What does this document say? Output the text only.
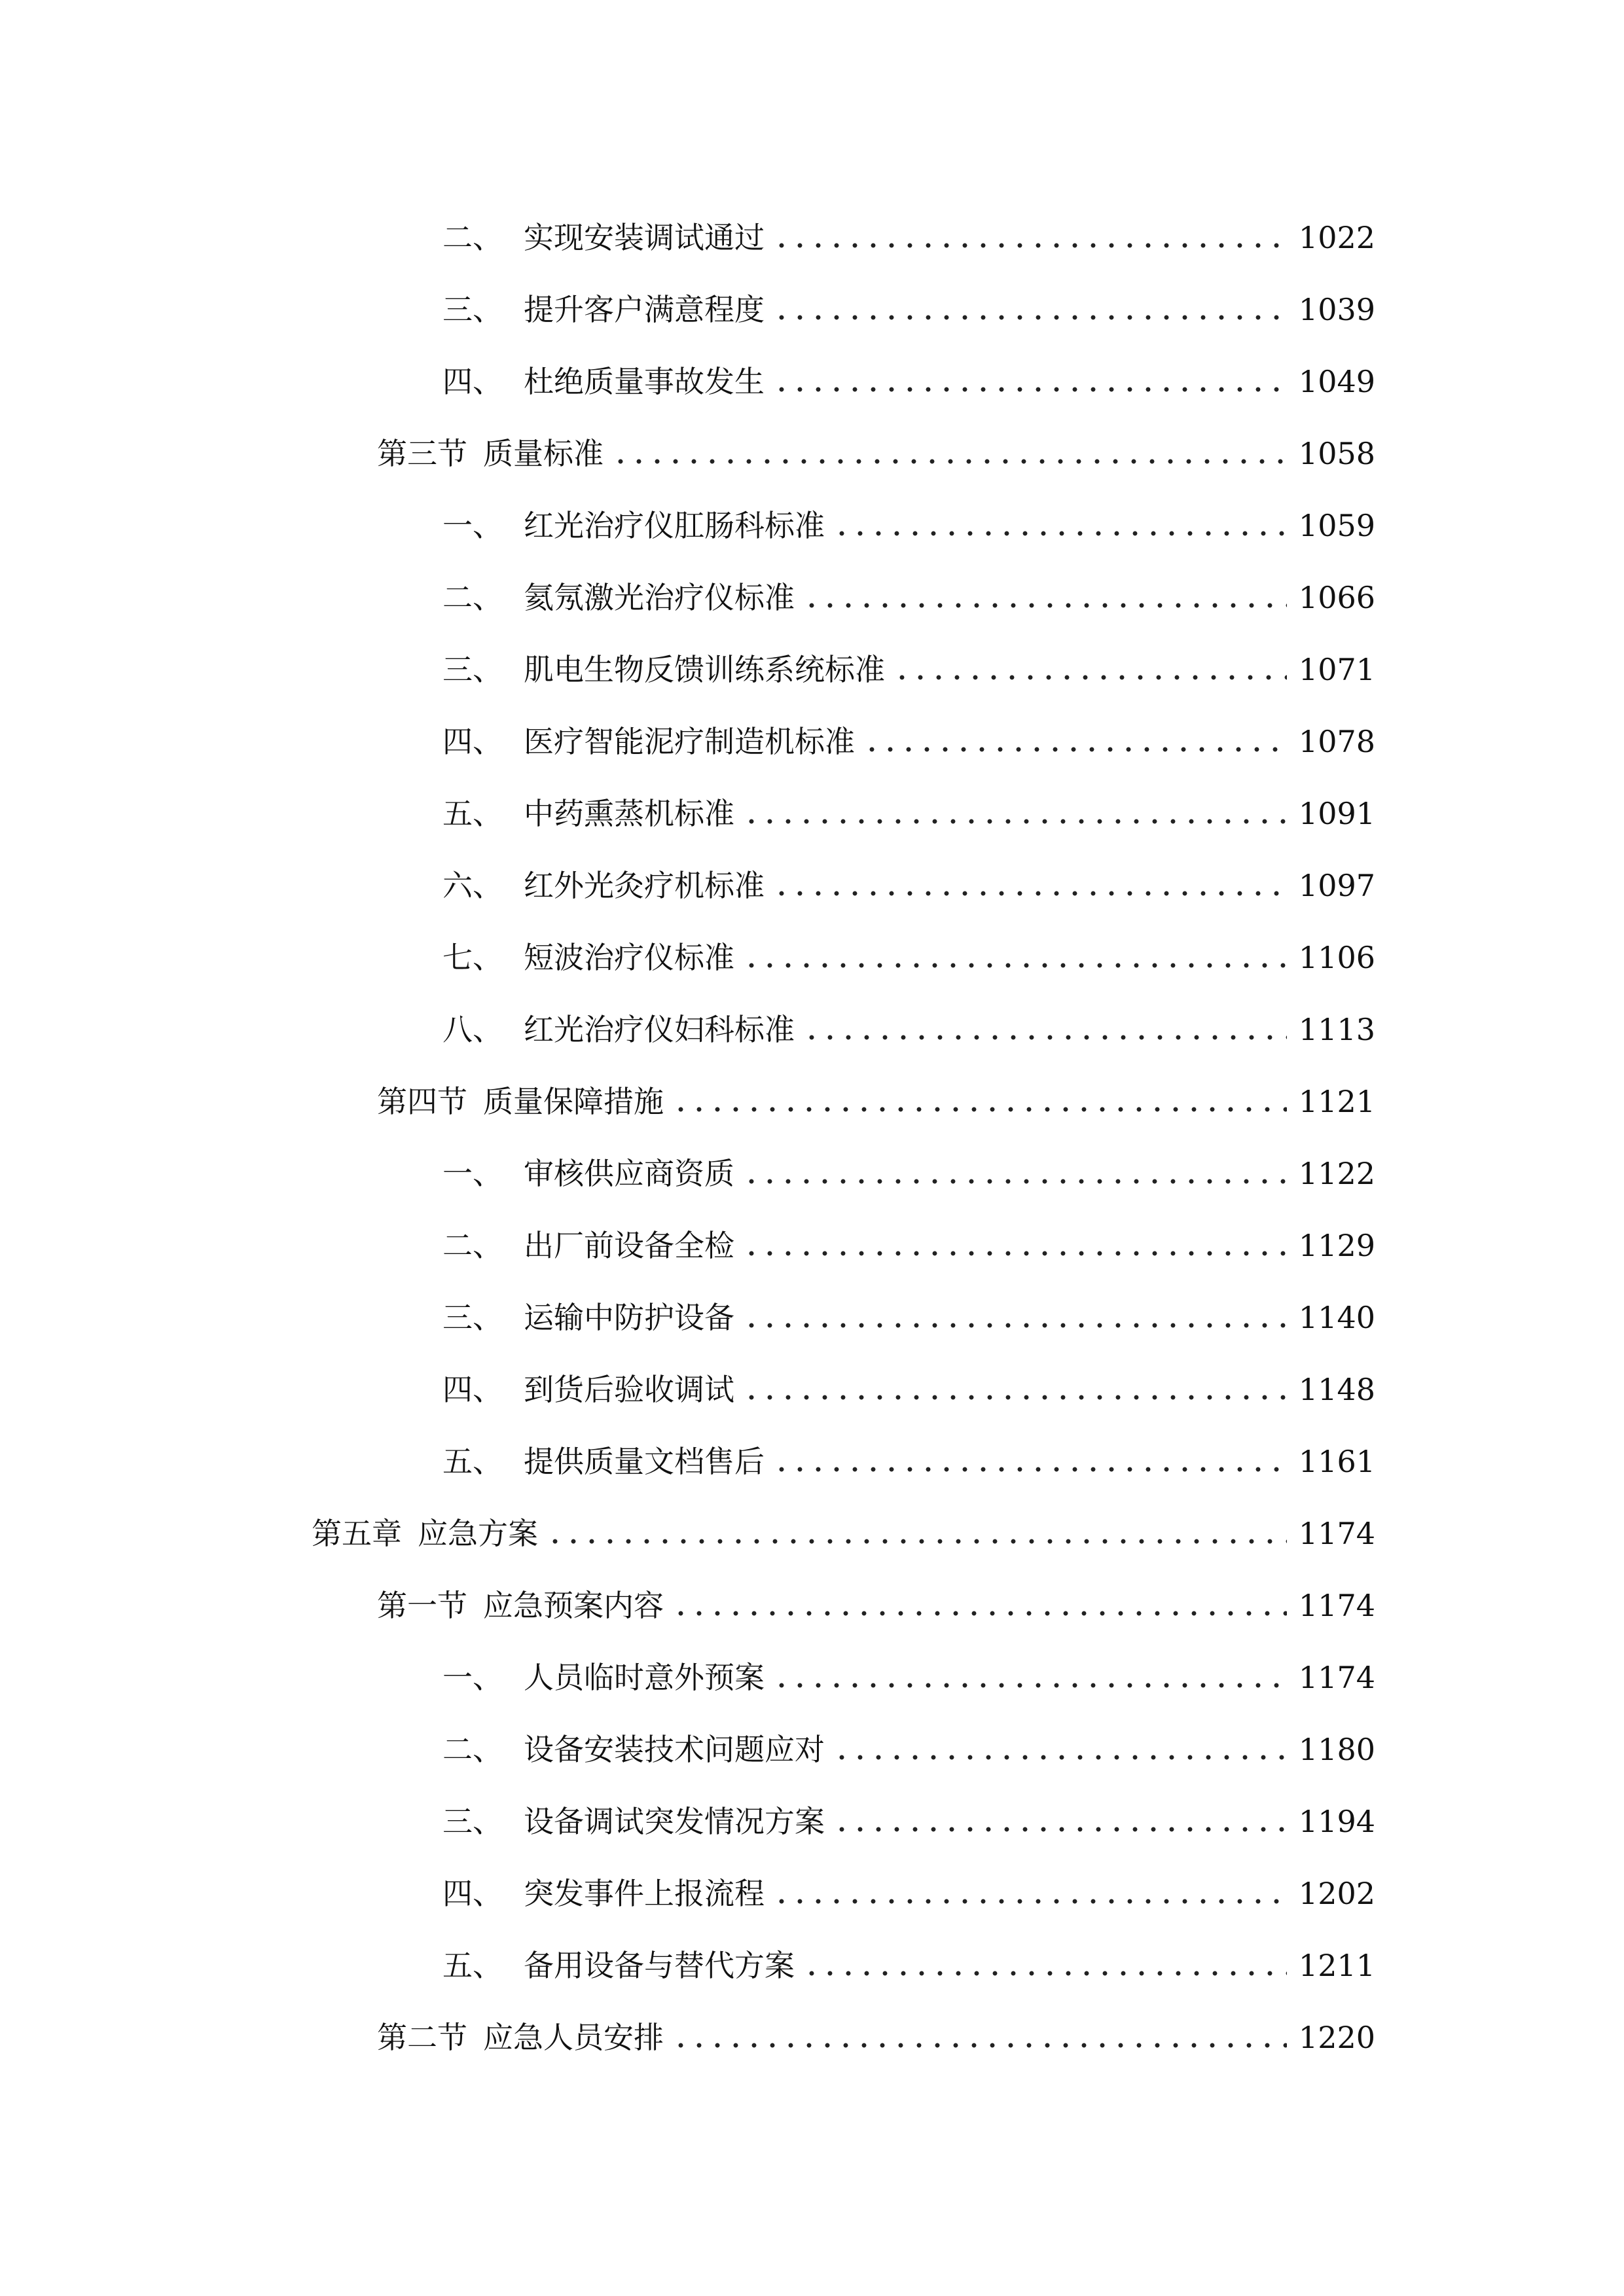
二、 实现安装调试通过	1022
三、 提升客户满意程度	1039
四、 杜绝质量事故发生	1049
第三节 质量标准	1058
一、 红光治疗仪肛肠科标准	1059
二、 氦氖激光治疗仪标准	1066
三、 肌电生物反馈训练系统标准	1071
四、 医疗智能泥疗制造机标准	1078
五、 中药熏蒸机标准	1091
六、 红外光灸疗机标准	1097
七、 短波治疗仪标准	1106
八、 红光治疗仪妇科标准	1113
第四节 质量保障措施	1121
一、 审核供应商资质	1122
二、 出厂前设备全检	1129
三、 运输中防护设备	1140
四、 到货后验收调试	1148
五、 提供质量文档售后	1161
第五章 应急方案	1174
第一节 应急预案内容	1174
一、 人员临时意外预案	1174
二、 设备安装技术问题应对	1180
三、 设备调试突发情况方案	1194
四、 突发事件上报流程	1202
五、 备用设备与替代方案	1211
第二节 应急人员安排	1220
